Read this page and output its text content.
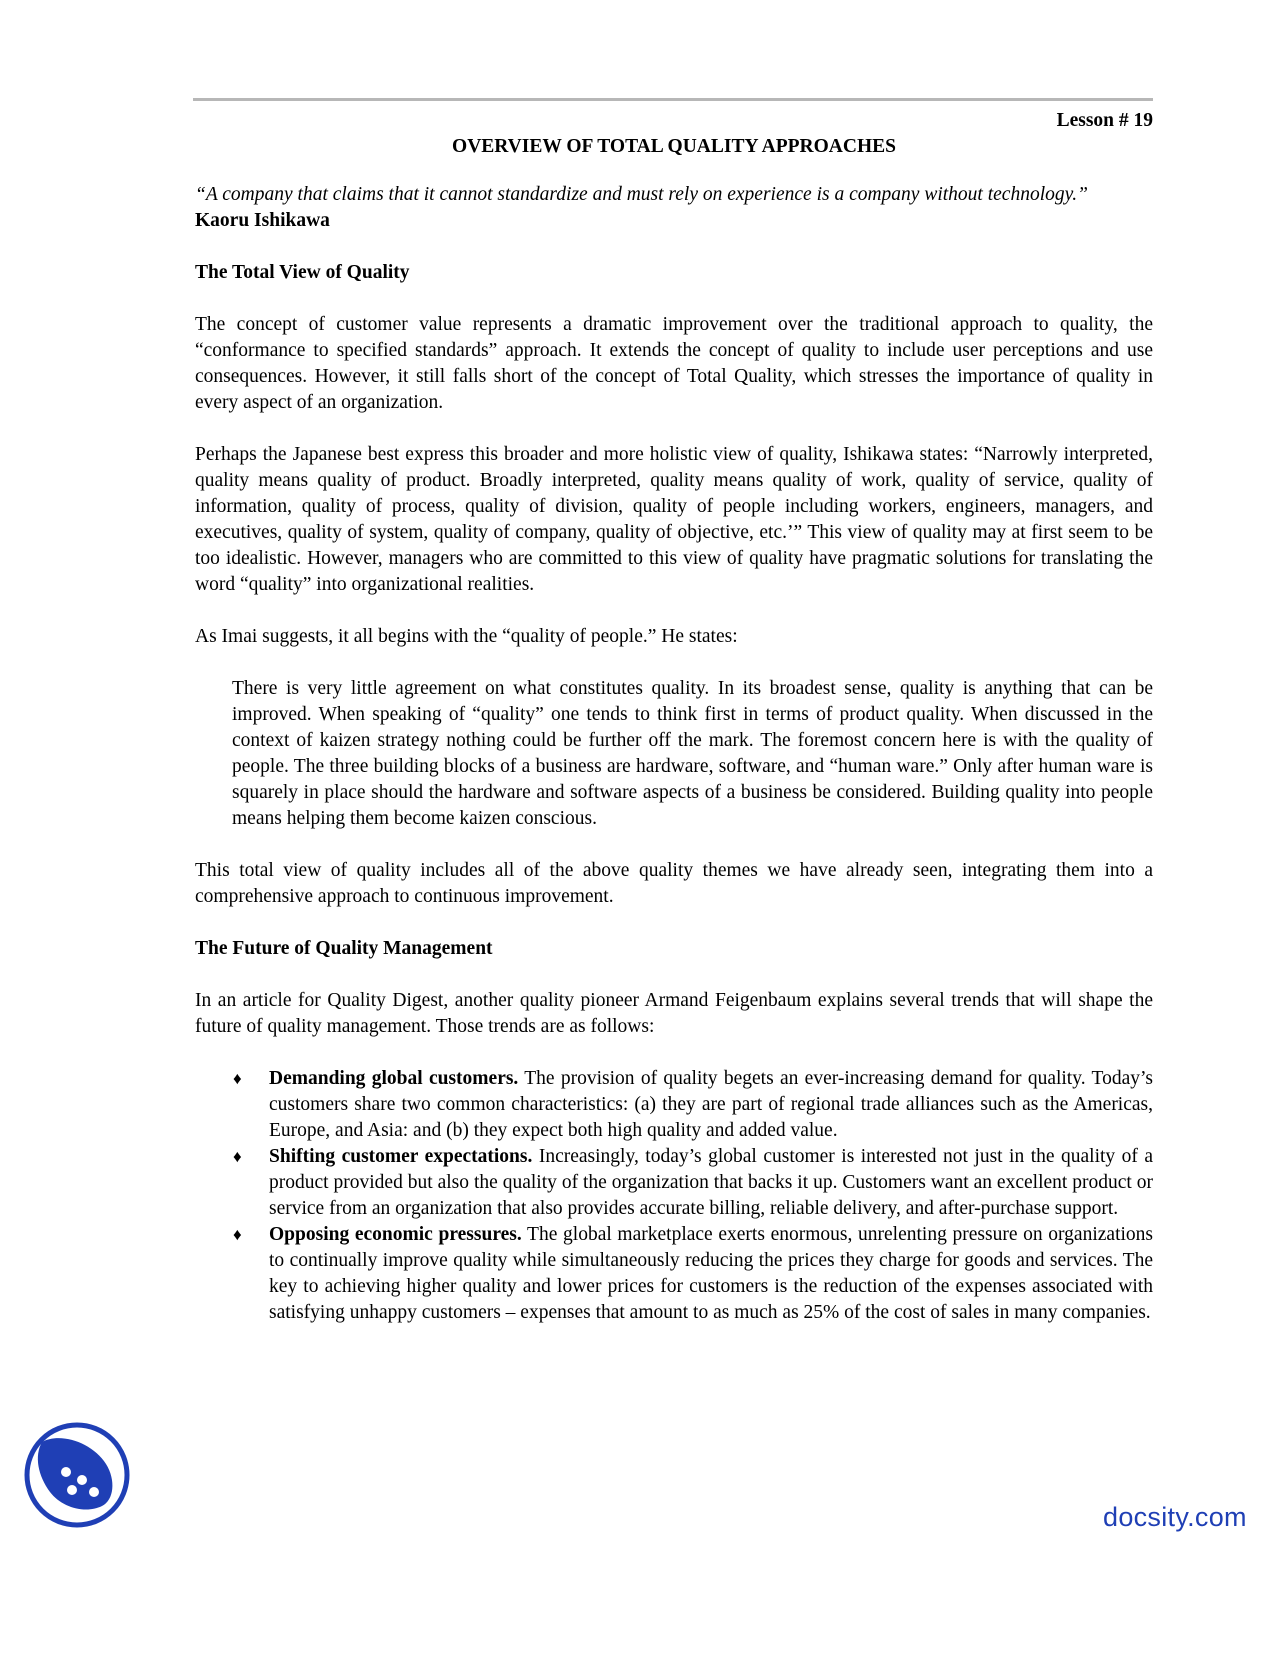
Lesson # 19

OVERVIEW OF TOTAL QUALITY APPROACHES

“A company that claims that it cannot standardize and must rely on experience is a company without technology.”

Kaoru Ishikawa

The Total View of Quality

The concept of customer value represents a dramatic improvement over the traditional approach to quality, the “conformance to specified standards” approach. It extends the concept of quality to include user perceptions and use consequences. However, it still falls short of the concept of Total Quality, which stresses the importance of quality in every aspect of an organization.

Perhaps the Japanese best express this broader and more holistic view of quality, Ishikawa states: “Narrowly interpreted, quality means quality of product. Broadly interpreted, quality means quality of work, quality of service, quality of information, quality of process, quality of division, quality of people including workers, engineers, managers, and executives, quality of system, quality of company, quality of objective, etc.’” This view of quality may at first seem to be too idealistic. However, managers who are committed to this view of quality have pragmatic solutions for translating the word “quality” into organizational realities.

As Imai suggests, it all begins with the “quality of people.” He states:

There is very little agreement on what constitutes quality. In its broadest sense, quality is anything that can be improved. When speaking of “quality” one tends to think first in terms of product quality. When discussed in the context of kaizen strategy nothing could be further off the mark. The foremost concern here is with the quality of people. The three building blocks of a business are hardware, software, and “human ware.” Only after human ware is squarely in place should the hardware and software aspects of a business be considered. Building quality into people means helping them become kaizen conscious.

This total view of quality includes all of the above quality themes we have already seen, integrating them into a comprehensive approach to continuous improvement.

The Future of Quality Management

In an article for Quality Digest, another quality pioneer Armand Feigenbaum explains several trends that will shape the future of quality management. Those trends are as follows:

♦ Demanding global customers. The provision of quality begets an ever-increasing demand for quality. Today’s customers share two common characteristics: (a) they are part of regional trade alliances such as the Americas, Europe, and Asia: and (b) they expect both high quality and added value.
♦ Shifting customer expectations. Increasingly, today’s global customer is interested not just in the quality of a product provided but also the quality of the organization that backs it up. Customers want an excellent product or service from an organization that also provides accurate billing, reliable delivery, and after-purchase support.
♦ Opposing economic pressures. The global marketplace exerts enormous, unrelenting pressure on organizations to continually improve quality while simultaneously reducing the prices they charge for goods and services. The key to achieving higher quality and lower prices for customers is the reduction of the expenses associated with satisfying unhappy customers – expenses that amount to as much as 25% of the cost of sales in many companies.
docsity.com
